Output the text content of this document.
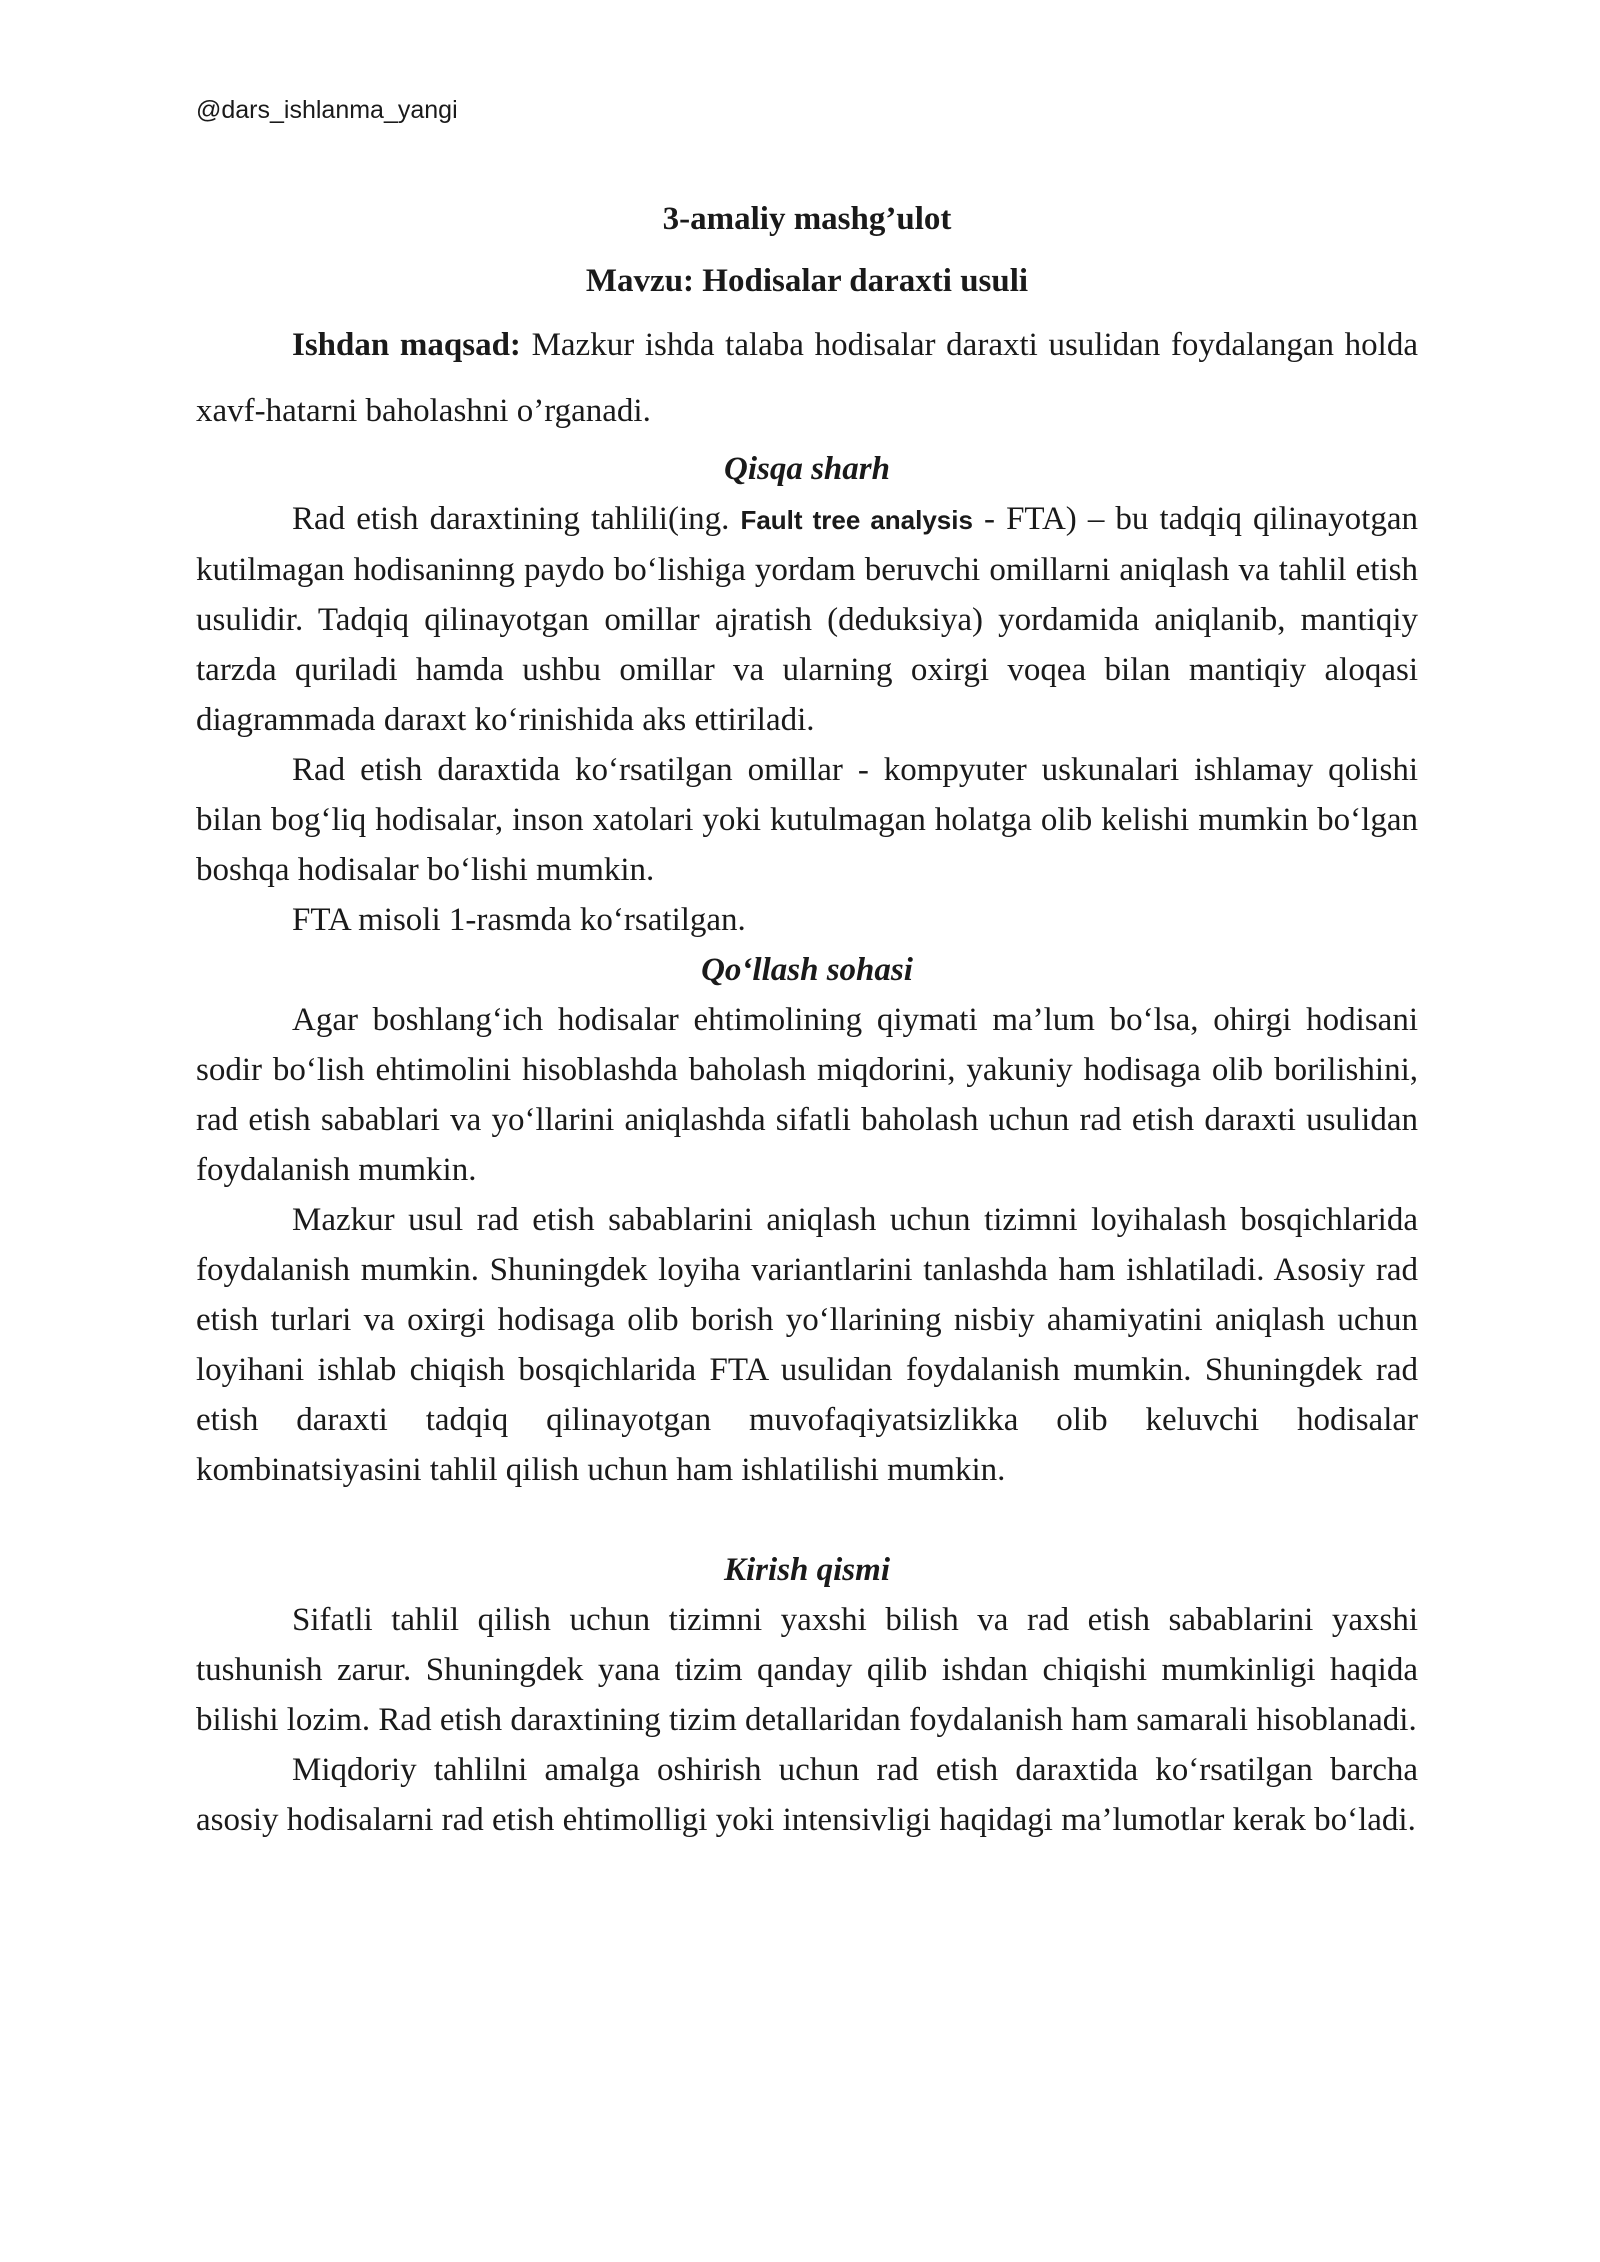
@dars_ishlanma_yangi

3-amaliy mashg’ulot

Mavzu: Hodisalar daraxti usuli

Ishdan maqsad: Mazkur ishda talaba hodisalar daraxti usulidan foydalangan holda xavf-hatarni baholashni o’rganadi.

Qisqa sharh

Rad etish daraxtining tahlili(ing. Fault tree analysis - FTA) – bu tadqiq qilinayotgan kutilmagan hodisaninng paydo bo‘lishiga yordam beruvchi omillarni aniqlash va tahlil etish usulidir. Tadqiq qilinayotgan omillar ajratish (deduksiya) yordamida aniqlanib, mantiqiy tarzda quriladi hamda ushbu omillar va ularning oxirgi voqea bilan mantiqiy aloqasi diagrammada daraxt ko‘rinishida aks ettiriladi.

Rad etish daraxtida ko‘rsatilgan omillar - kompyuter uskunalari ishlamay qolishi bilan bog‘liq hodisalar, inson xatolari yoki kutulmagan holatga olib kelishi mumkin bo‘lgan boshqa hodisalar bo‘lishi mumkin.

FTA misoli 1-rasmda ko‘rsatilgan.

Qo‘llash sohasi

Agar boshlang‘ich hodisalar ehtimolining qiymati ma’lum bo‘lsa, ohirgi hodisani sodir bo‘lish ehtimolini hisoblashda baholash miqdorini, yakuniy hodisaga olib borilishini, rad etish sabablari va yo‘llarini aniqlashda sifatli baholash uchun rad etish daraxti usulidan foydalanish mumkin.

Mazkur usul rad etish sabablarini aniqlash uchun tizimni loyihalash bosqichlarida foydalanish mumkin. Shuningdek loyiha variantlarini tanlashda ham ishlatiladi. Asosiy rad etish turlari va oxirgi hodisaga olib borish yo‘llarining nisbiy ahamiyatini aniqlash uchun loyihani ishlab chiqish bosqichlarida FTA usulidan foydalanish mumkin. Shuningdek rad etish daraxti tadqiq qilinayotgan muvofaqiyatsizlikka olib keluvchi hodisalar kombinatsiyasini tahlil qilish uchun ham ishlatilishi mumkin.

Kirish qismi

Sifatli tahlil qilish uchun tizimni yaxshi bilish va rad etish sabablarini yaxshi tushunish zarur. Shuningdek yana tizim qanday qilib ishdan chiqishi mumkinligi haqida bilishi lozim. Rad etish daraxtining tizim detallaridan foydalanish ham samarali hisoblanadi.

Miqdoriy tahlilni amalga oshirish uchun rad etish daraxtida ko‘rsatilgan barcha asosiy hodisalarni rad etish ehtimolligi yoki intensivligi haqidagi ma’lumotlar kerak bo‘ladi.
